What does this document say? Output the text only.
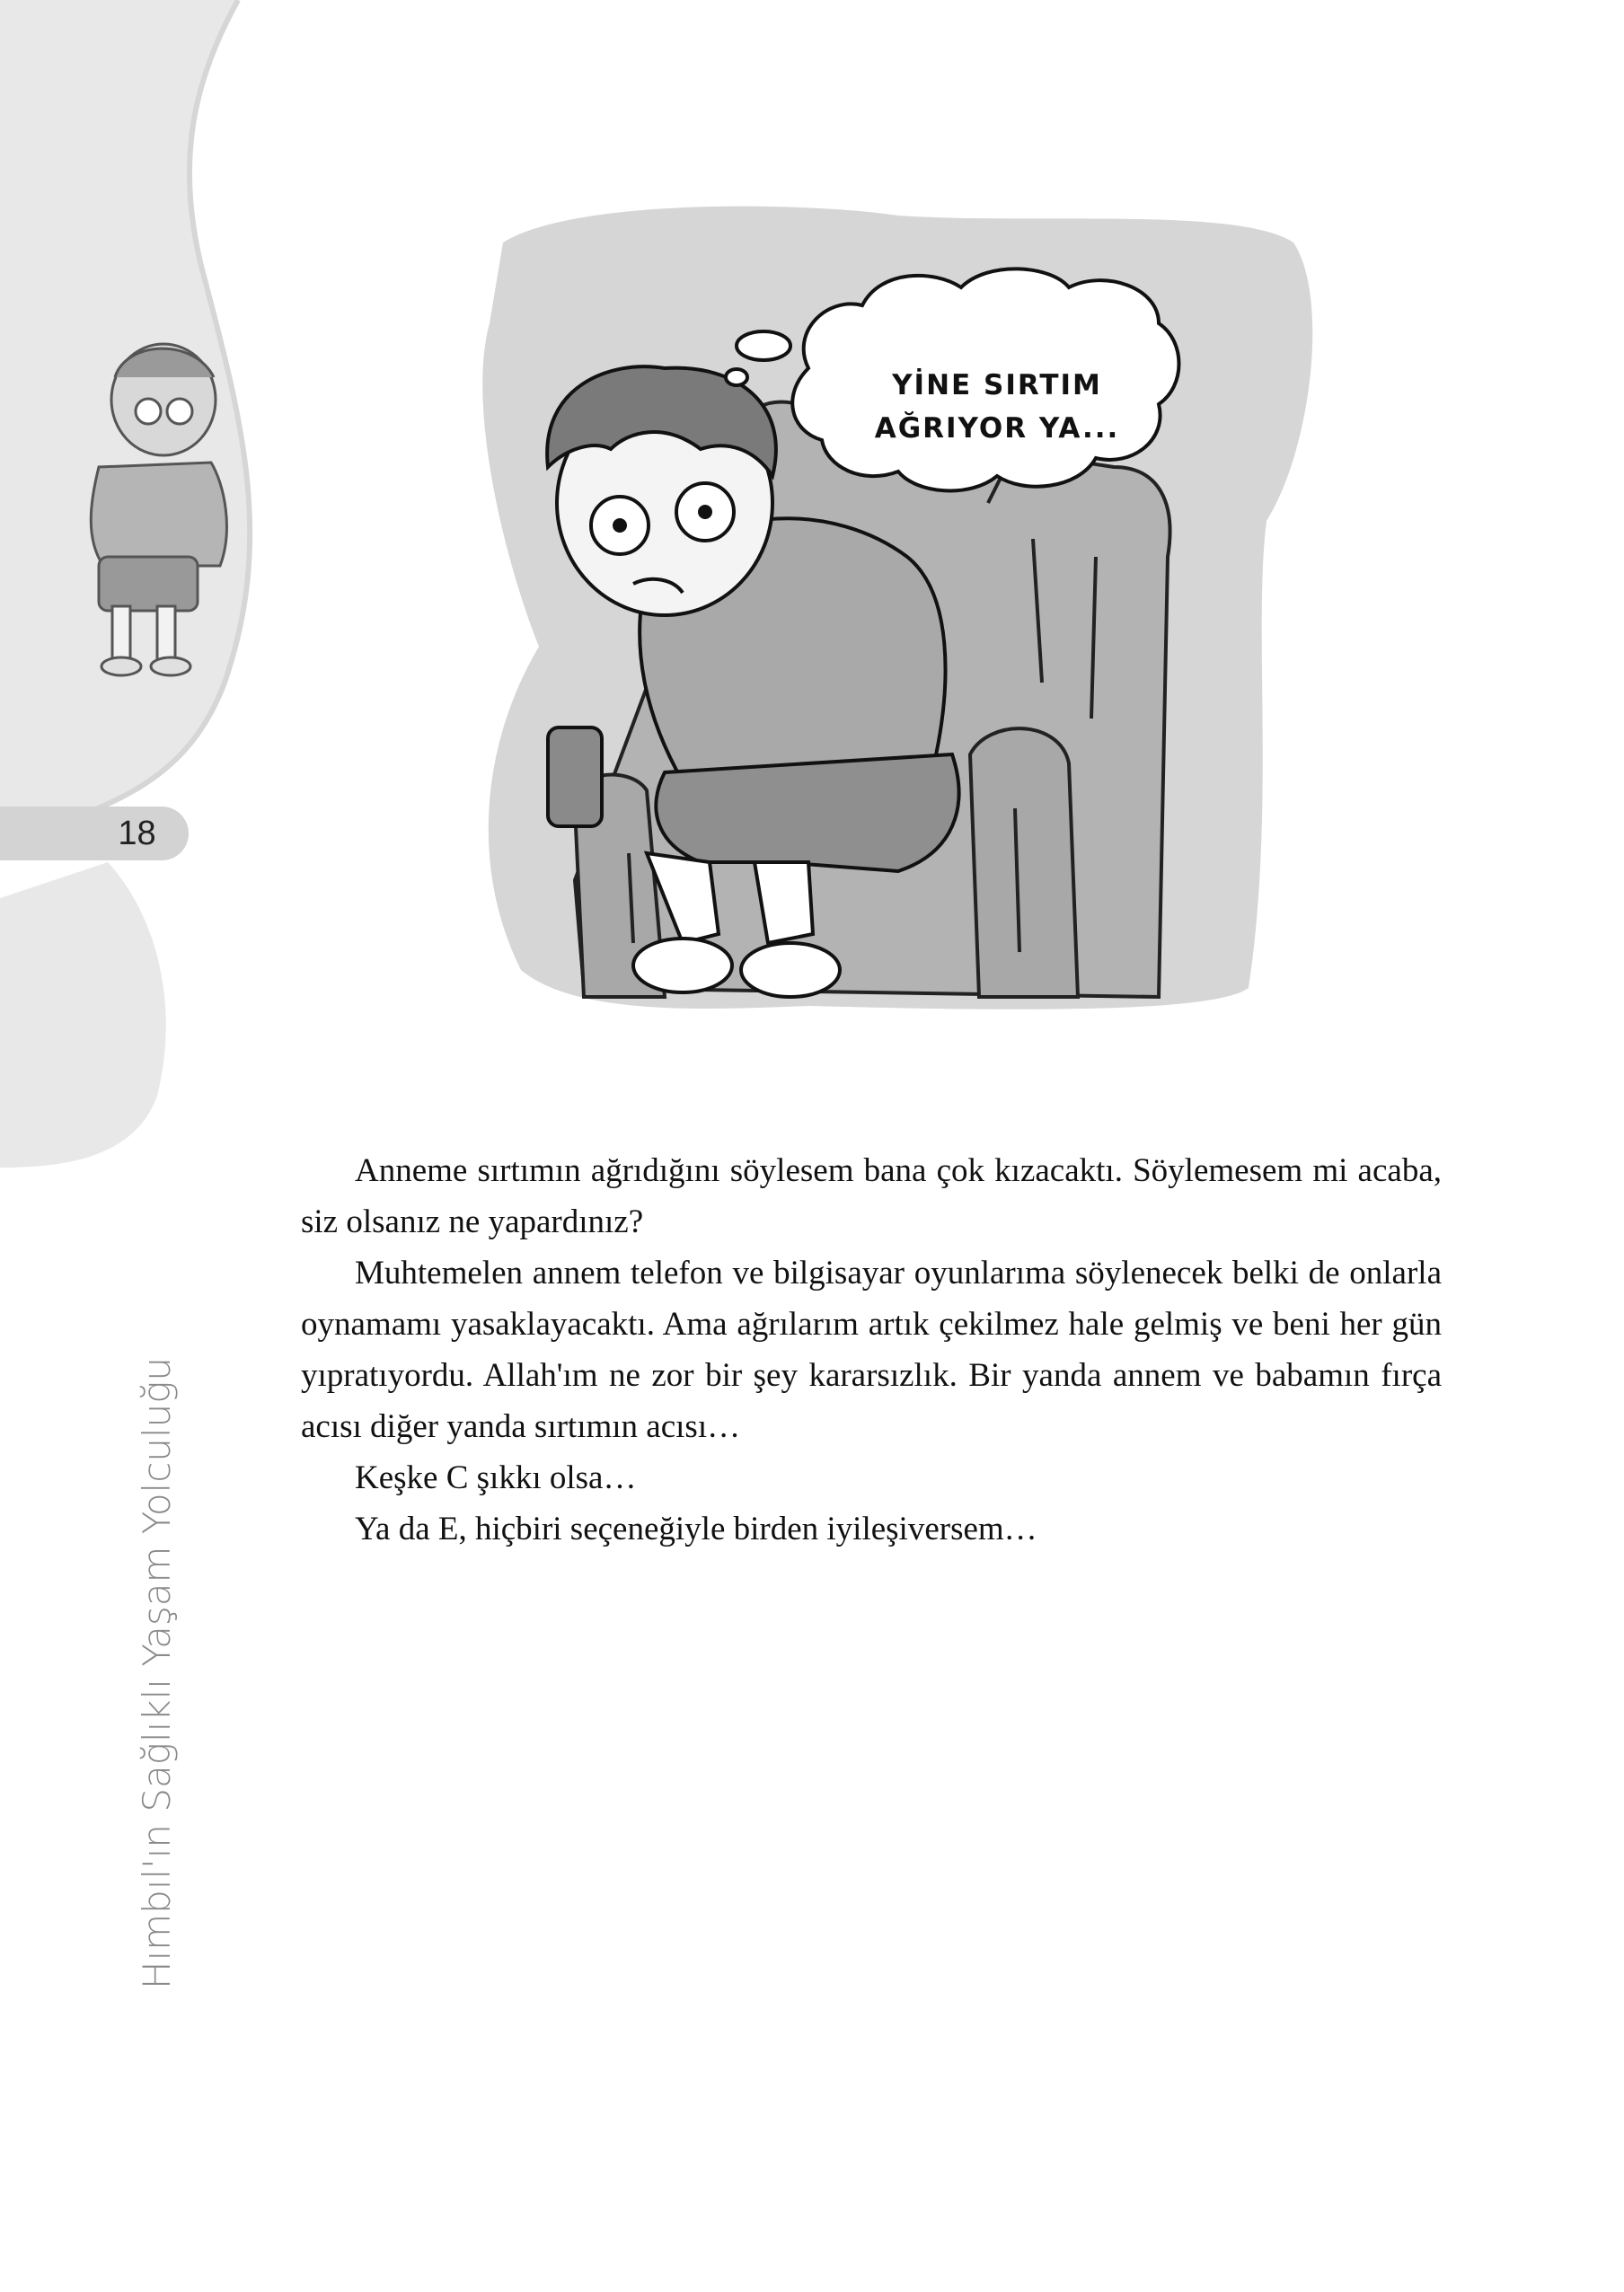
YİNE SIRTIM
AĞRIYOR YA...
18
Hımbıl'ın Sağlıklı Yaşam Yolculuğu

Anneme sırtımın ağrıdığını söylesem bana çok kızacaktı. Söylemesem mi acaba, siz olsanız ne yapardınız?

Muhtemelen annem telefon ve bilgisayar oyunlarıma söylenecek belki de onlarla oynamamı yasaklayacaktı. Ama ağrılarım artık çekilmez hale gelmiş ve beni her gün yıpratıyordu. Allah'ım ne zor bir şey kararsızlık. Bir yanda annem ve babamın fırça acısı diğer yanda sırtımın acısı…

Keşke C şıkkı olsa…

Ya da E, hiçbiri seçeneğiyle birden iyileşiversem…
